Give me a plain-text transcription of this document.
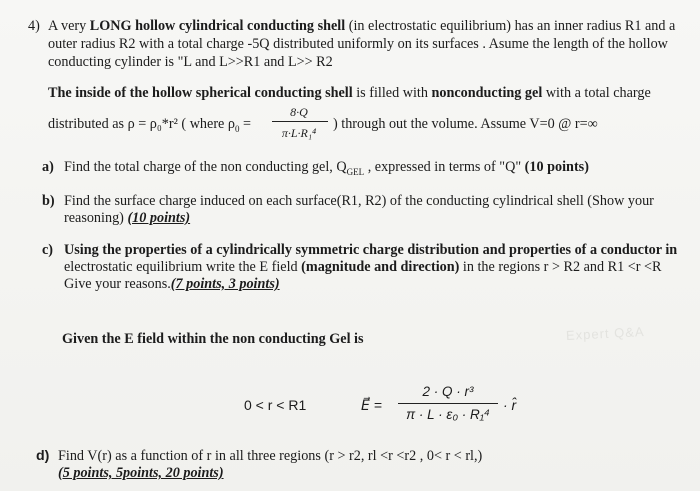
4) A very LONG hollow cylindrical conducting shell (in electrostatic equilibrium) has an inner radius R1 and a
outer radius R2 with a total charge -5Q distributed uniformly on its surfaces . Asume the length of the hollow
conducting cylinder is "L and L>>R1 and L>> R2
The inside of the hollow spherical conducting shell is filled with nonconducting gel with a total charge
distributed as ρ = ρ₀*r² ( where $\rho_0$ =
8·Q
π·L·R₁⁴
) through out the volume. Assume V=0 @ r=∞
a) Find the total charge of the non conducting gel, $Q_{GEL}$ , expressed in terms of "Q" (10 points)
b) Find the surface charge induced on each surface(R1, R2) of the conducting cylindrical shell (Show your
reasoning) (10 points)
c) Using the properties of a cylindrically symmetric charge distribution and properties of a conductor in
electrostatic equilibrium write the E field (magnitude and direction) in the regions r > R2 and R1 <r <R
Give your reasons.(7 points, 3 points)
Given the E field within the non conducting Gel is	Expert Q&A
0 < r < R1	E⃗ =
2 · Q · r³
π · L · ε₀ · R₁⁴
· r̂
d) Find V(r) as a function of r in all three regions (r > r2, rl <r <r2 , 0< r < rl,)
(5 points, 5points, 20 points)
